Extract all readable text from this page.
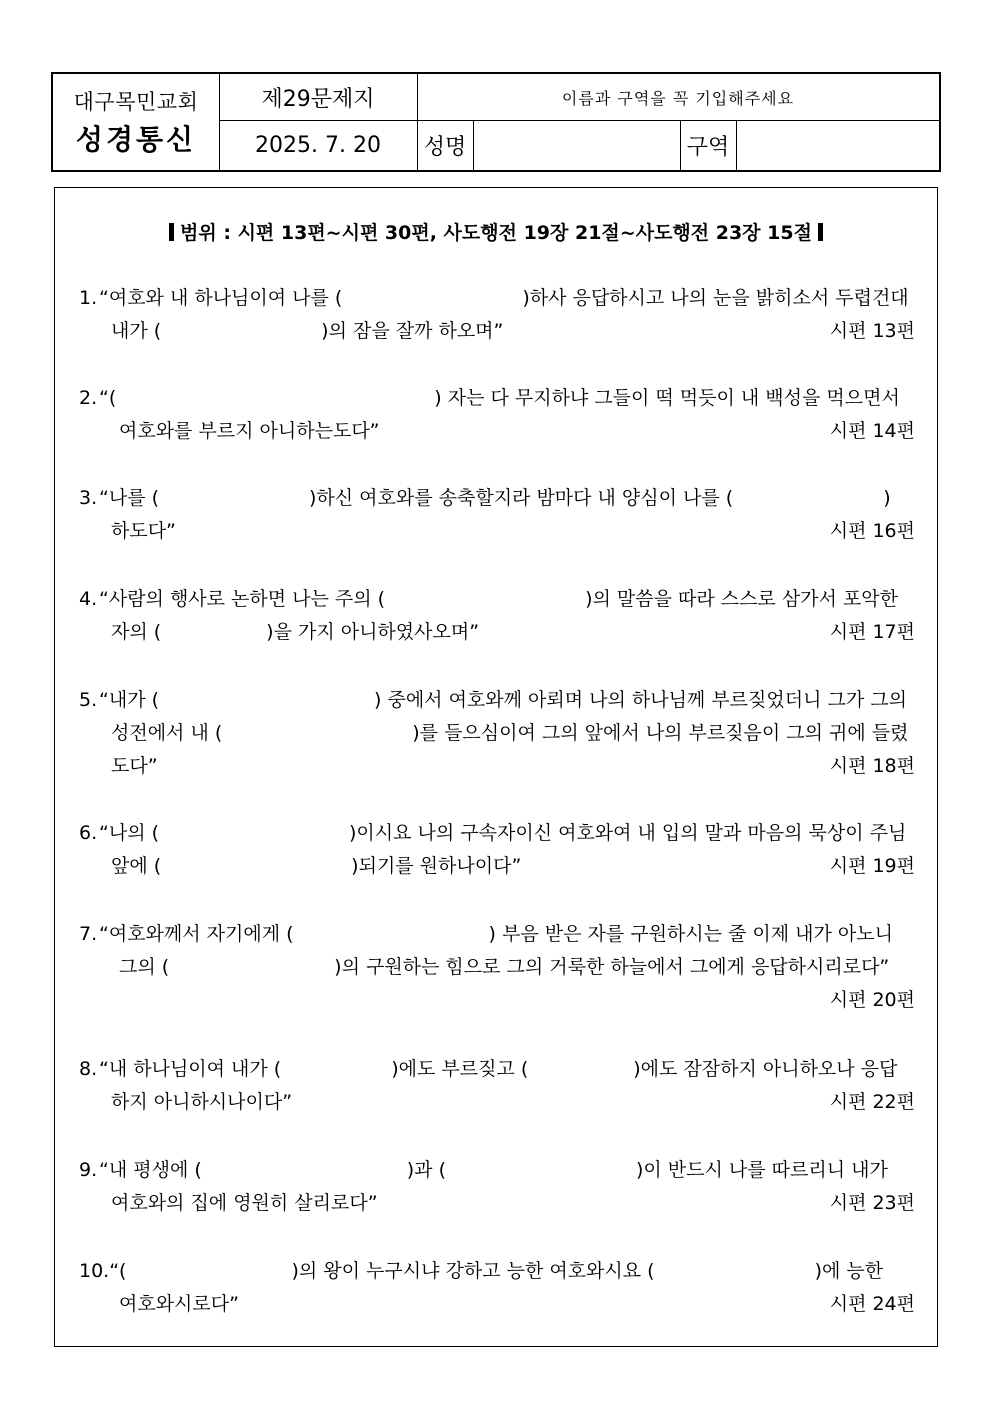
대구목민교회
성경통신
제29문제지	이름과 구역을 꼭 기입해주세요
2025. 7. 20	성명	구역
범위 : 시편 13편~시편 30편, 사도행전 19장 21절~사도행전 23장 15절
1.“여호와 내 하나님이여 나를 (	)하사 응답하시고 나의 눈을 밝히소서 두렵건대
내가 (	)의 잠을 잘까 하오며”	시편 13편
2.“(	) 자는 다 무지하냐 그들이 떡 먹듯이 내 백성을 먹으면서
여호와를 부르지 아니하는도다”	시편 14편
3.“나를 (	)하신 여호와를 송축할지라 밤마다 내 양심이 나를 (	)
하도다”	시편 16편
4.“사람의 행사로 논하면 나는 주의 (	)의 말씀을 따라 스스로 삼가서 포악한
자의 (	)을 가지 아니하였사오며”	시편 17편
5.“내가 (	) 중에서 여호와께 아뢰며 나의 하나님께 부르짖었더니 그가 그의
성전에서 내 (	)를 들으심이여 그의 앞에서 나의 부르짖음이 그의 귀에 들렸
도다”	시편 18편
6.“나의 (	)이시요 나의 구속자이신 여호와여 내 입의 말과 마음의 묵상이 주님
앞에 (	)되기를 원하나이다”	시편 19편
7.“여호와께서 자기에게 (	) 부음 받은 자를 구원하시는 줄 이제 내가 아노니
그의 (	)의 구원하는 힘으로 그의 거룩한 하늘에서 그에게 응답하시리로다”
시편 20편
8.“내 하나님이여 내가 (	)에도 부르짖고 (	)에도 잠잠하지 아니하오나 응답
하지 아니하시나이다”	시편 22편
9.“내 평생에 (	)과 (	)이 반드시 나를 따르리니 내가
여호와의 집에 영원히 살리로다”	시편 23편
10.“(	)의 왕이 누구시냐 강하고 능한 여호와시요 (	)에 능한
여호와시로다”	시편 24편
